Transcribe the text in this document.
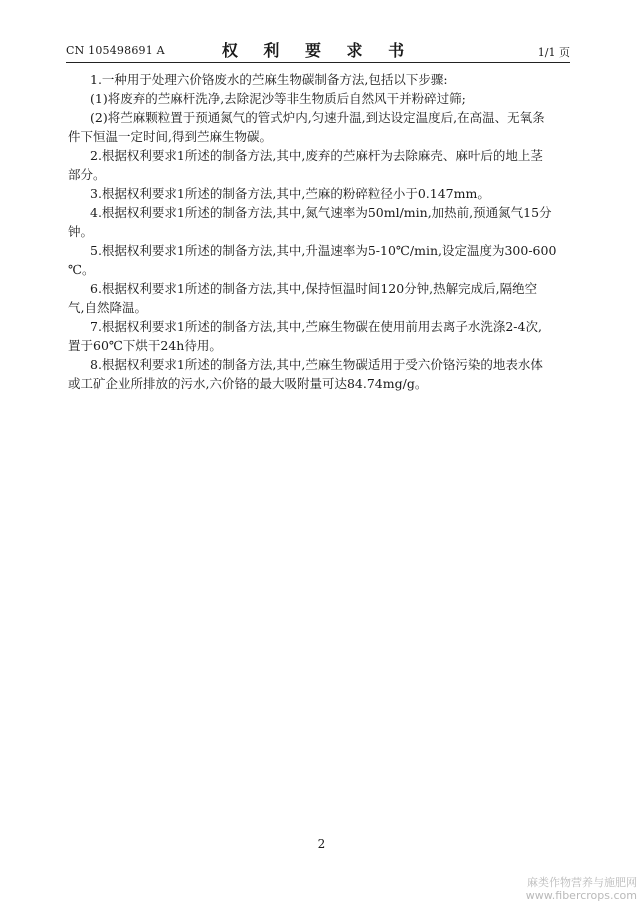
CN 105498691 A	权 利 要 求 书	1/1 页

1.一种用于处理六价铬废水的苎麻生物碳制备方法,包括以下步骤:

(1)将废弃的苎麻杆洗净,去除泥沙等非生物质后自然风干并粉碎过筛;

(2)将苎麻颗粒置于预通氮气的管式炉内,匀速升温,到达设定温度后,在高温、无氧条

件下恒温一定时间,得到苎麻生物碳。

2.根据权利要求1所述的制备方法,其中,废弃的苎麻杆为去除麻壳、麻叶后的地上茎

部分。

3.根据权利要求1所述的制备方法,其中,苎麻的粉碎粒径小于0.147mm。

4.根据权利要求1所述的制备方法,其中,氮气速率为50ml/min,加热前,预通氮气15分

钟。

5.根据权利要求1所述的制备方法,其中,升温速率为5-10℃/min,设定温度为300-600

℃。

6.根据权利要求1所述的制备方法,其中,保持恒温时间120分钟,热解完成后,隔绝空

气,自然降温。

7.根据权利要求1所述的制备方法,其中,苎麻生物碳在使用前用去离子水洗涤2-4次,

置于60℃下烘干24h待用。

8.根据权利要求1所述的制备方法,其中,苎麻生物碳适用于受六价铬污染的地表水体

或工矿企业所排放的污水,六价铬的最大吸附量可达84.74mg/g。

2
麻类作物营养与施肥网
www.fibercrops.com
